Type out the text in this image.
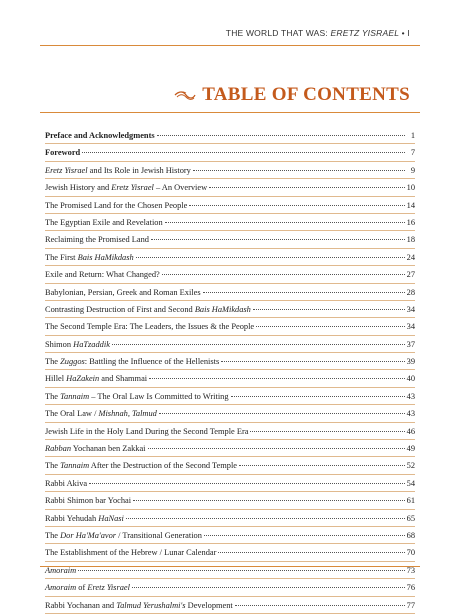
THE WORLD THAT WAS: ERETZ YISRAEL • I
TABLE OF CONTENTS
Preface and Acknowledgments	1
Foreword	7
Eretz Yisrael and Its Role in Jewish History	9
Jewish History and Eretz Yisrael – An Overview	10
The Promised Land for the Chosen People	14
The Egyptian Exile and Revelation	16
Reclaiming the Promised Land	18
The First Bais HaMikdash	24
Exile and Return: What Changed?	27
Babylonian, Persian, Greek and Roman Exiles	28
Contrasting Destruction of First and Second Bais HaMikdash	34
The Second Temple Era: The Leaders, the Issues & the People	34
Shimon HaTzaddik	37
The Zuggos: Battling the Influence of the Hellenists	39
Hillel HaZakein and Shammai	40
The Tannaim – The Oral Law Is Committed to Writing	43
The Oral Law / Mishnah, Talmud	43
Jewish Life in the Holy Land During the Second Temple Era	46
Rabban Yochanan ben Zakkai	49
The Tannaim After the Destruction of the Second Temple	52
Rabbi Akiva	54
Rabbi Shimon bar Yochai	61
Rabbi Yehudah HaNasi	65
The Dor Ha'Ma'avor / Transitional Generation	68
The Establishment of the Hebrew / Lunar Calendar	70
Amoraim	73
Amoraim of Eretz Yisrael	76
Rabbi Yochanan and Talmud Yerushalmi's Development	77
